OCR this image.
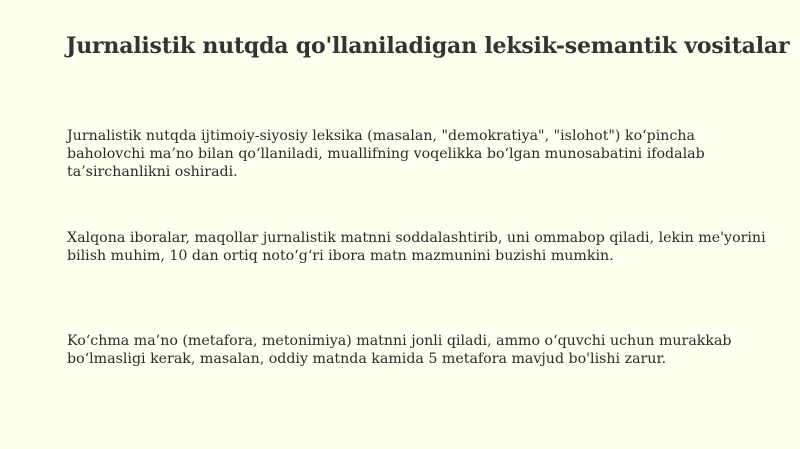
Jurnalistik nutqda qo'llaniladigan leksik-semantik vositalar

Jurnalistik nutqda ijtimoiy-siyosiy leksika (masalan, "demokratiya", "islohot") ko‘pincha baholovchi ma’no bilan qo‘llaniladi, muallifning voqelikka bo‘lgan munosabatini ifodalab ta’sirchanlikni oshiradi.

Xalqona iboralar, maqollar jurnalistik matnni soddalashtirib, uni ommabop qiladi, lekin me'yorini bilish muhim, 10 dan ortiq noto‘g‘ri ibora matn mazmunini buzishi mumkin.

Ko‘chma ma’no (metafora, metonimiya) matnni jonli qiladi, ammo o‘quvchi uchun murakkab bo‘lmasligi kerak, masalan, oddiy matnda kamida 5 metafora mavjud bo'lishi zarur.
